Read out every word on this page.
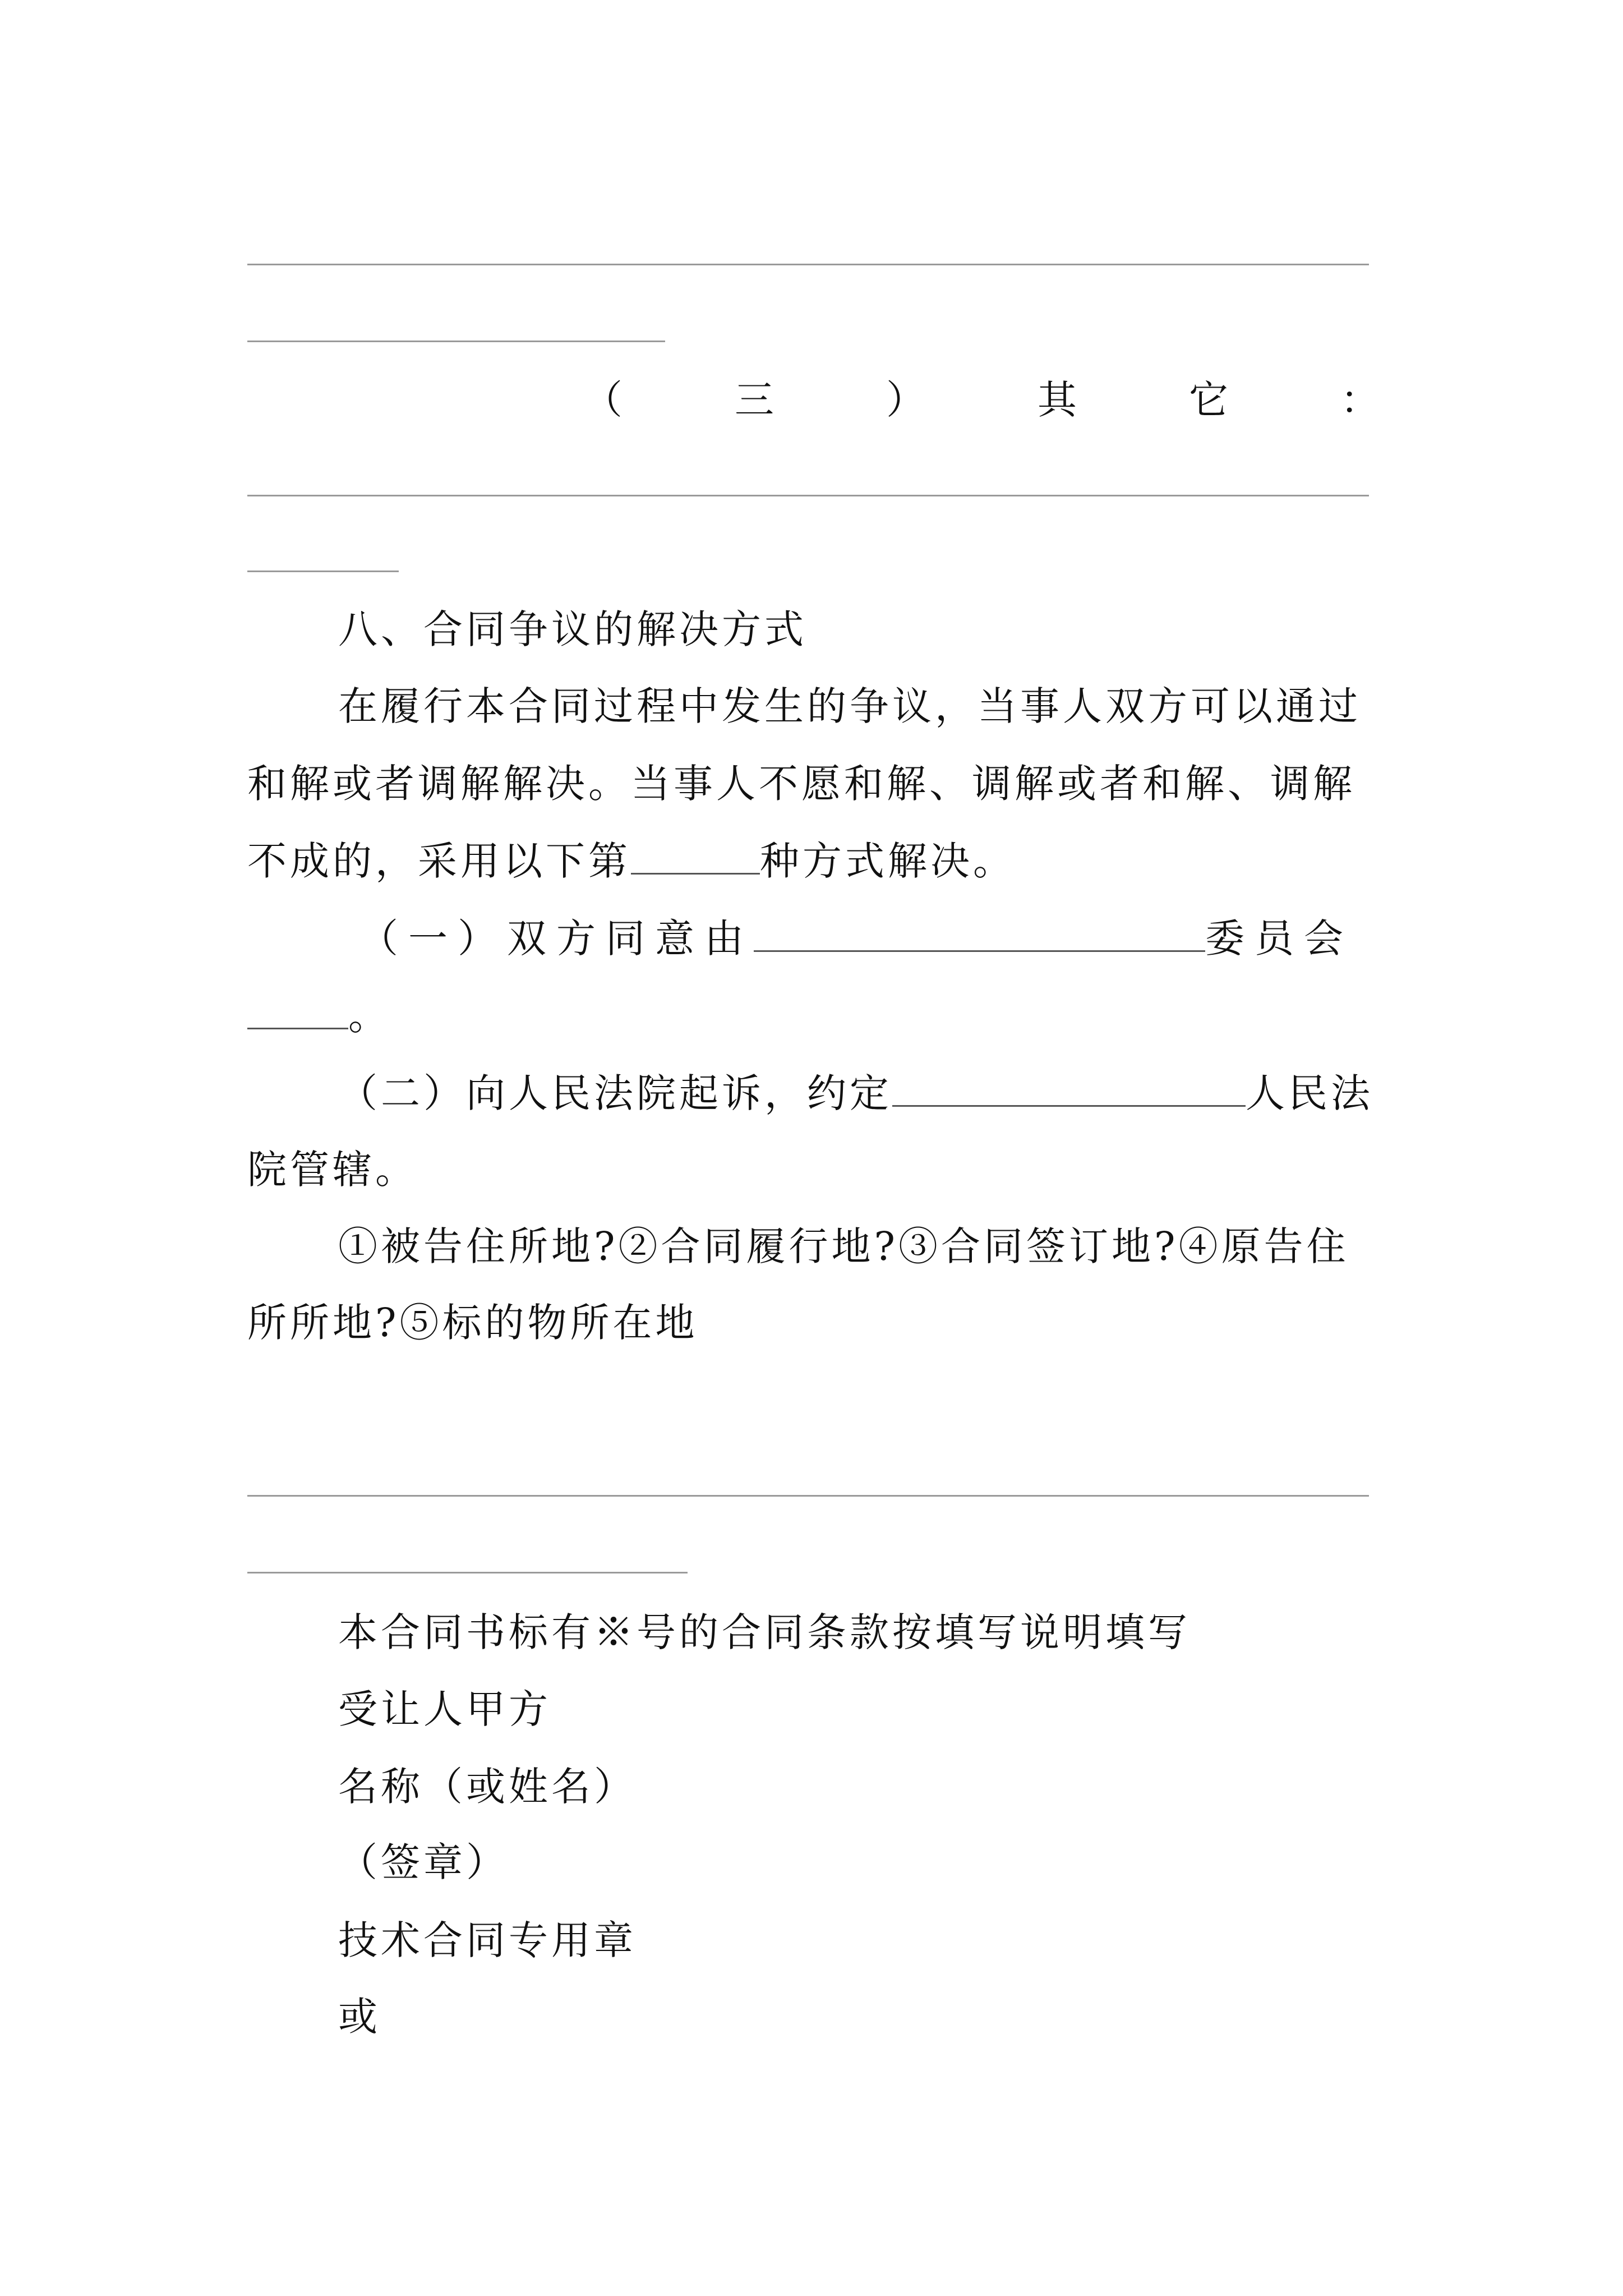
（	三	）	其	它	：
八、合同争议的解决方式
在履行本合同过程中发生的争议，当事人双方可以通过
和解或者调解解决。当事人不愿和解、调解或者和解、调解
不成的，采用以下第	种方式解决。
（一）双方同意由	委员会
。
（二）向人民法院起诉，约定	人民法
院管辖。
①被告住所地?②合同履行地?③合同签订地?④原告住
所所地?⑤标的物所在地
本合同书标有※号的合同条款按填写说明填写
受让人甲方
名称（或姓名）
（签章）
技术合同专用章
或
